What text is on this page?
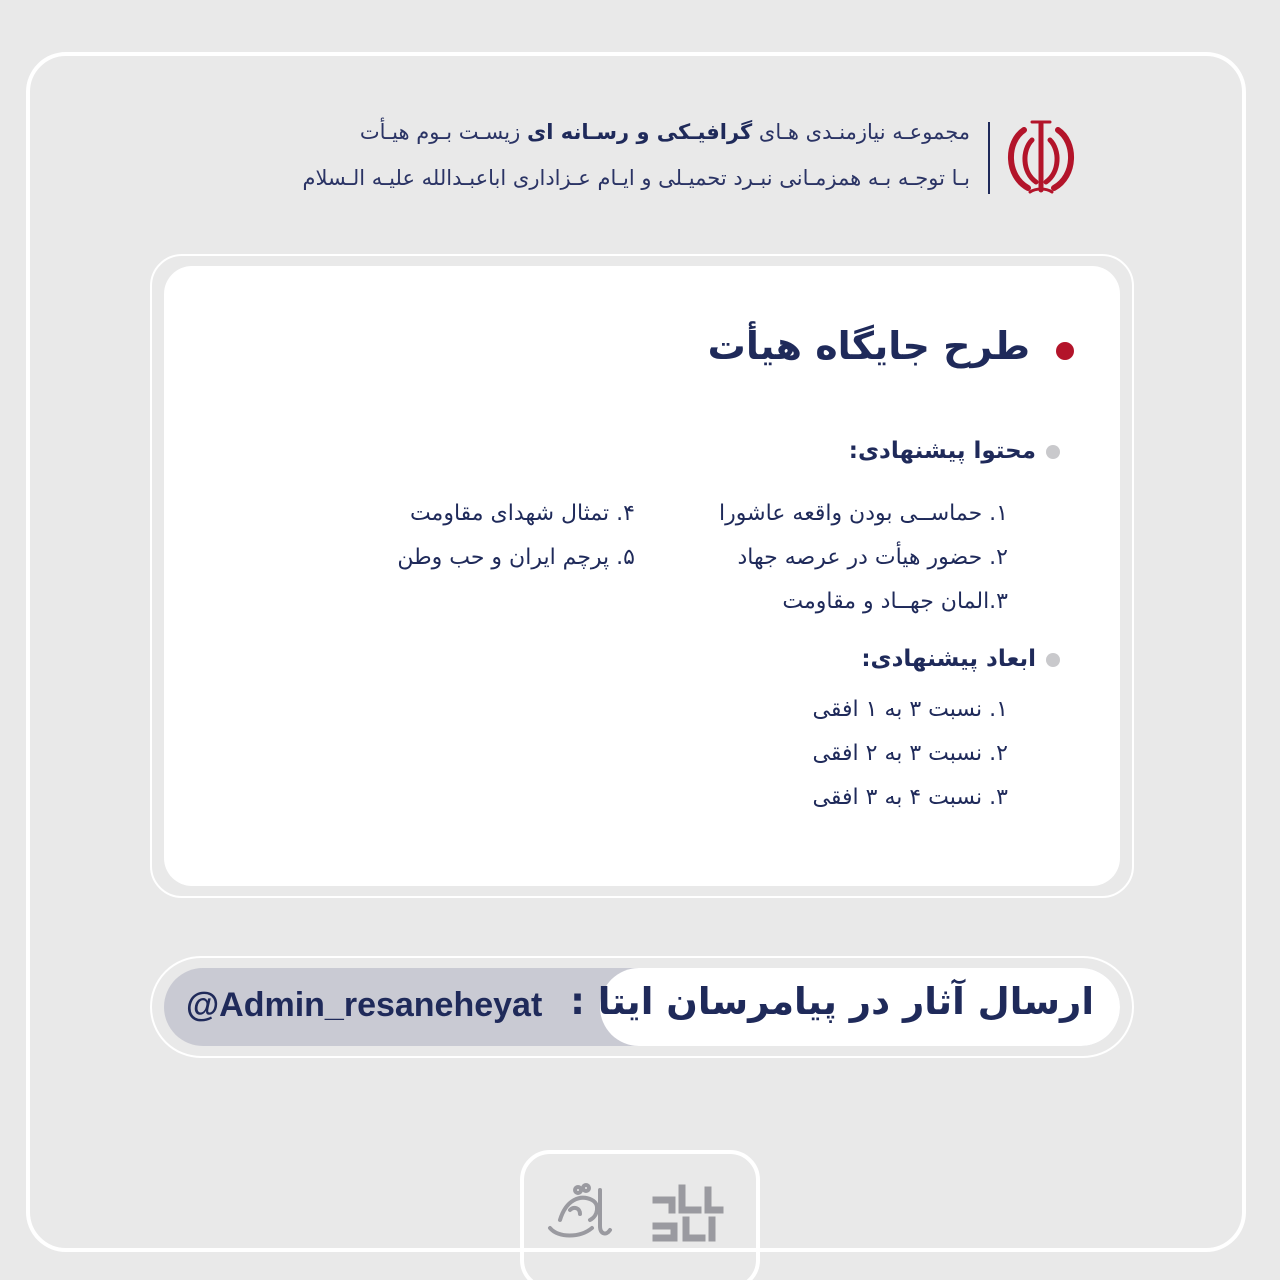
مجموعـه نیازمنـدی هـای گرافیـکی و رسـانه ای زیسـت بـوم هیـأت
بـا توجـه بـه همزمـانی نبـرد تحمیـلی و ایـام عـزاداری اباعبـدالله علیـه الـسلام
طرح جایگاه هیأت
محتوا پیشنهادی:
۱. حماســی بودن واقعه عاشورا
۲. حضور هیأت در عرصه جهاد
۳.المان جهــاد و مقاومت
۴. تمثال شهدای مقاومت
۵. پرچم ایران و حب وطن
ابعاد پیشنهادی:
۱. نسبت ۳ به ۱ افقی
۲. نسبت ۳ به ۲ افقی
۳. نسبت ۴ به ۳ افقی
@Admin_resaneheyat ارسال آثار در پیامرسان ایتا :
